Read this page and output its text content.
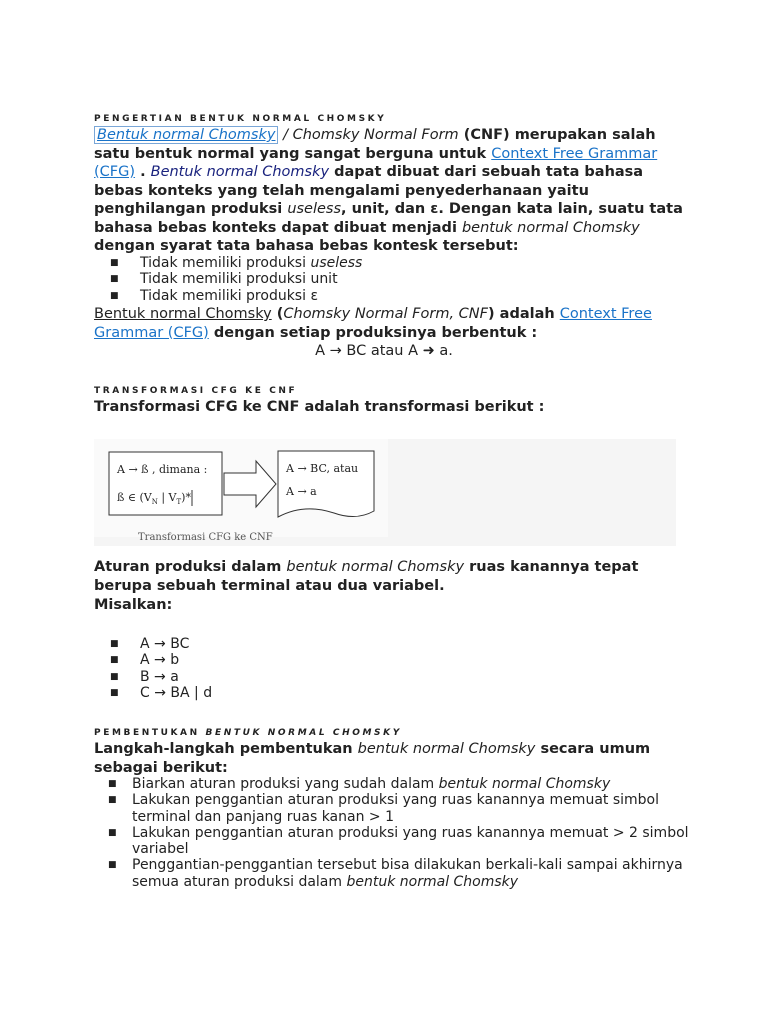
PENGERTIAN BENTUK NORMAL CHOMSKY
Bentuk normal Chomsky / Chomsky Normal Form (CNF) merupakan salah satu bentuk normal yang sangat berguna untuk Context Free Grammar (CFG) . Bentuk normal Chomsky dapat dibuat dari sebuah tata bahasa bebas konteks yang telah mengalami penyederhanaan yaitu penghilangan produksi useless, unit, dan ε. Dengan kata lain, suatu tata bahasa bebas konteks dapat dibuat menjadi bentuk normal Chomsky dengan syarat tata bahasa bebas kontesk tersebut:
■ Tidak memiliki produksi useless
■ Tidak memiliki produksi unit
■ Tidak memiliki produksi ε
Bentuk normal Chomsky (Chomsky Normal Form, CNF) adalah Context Free Grammar (CFG) dengan setiap produksinya berbentuk :
A → BC atau A ➜ a.
TRANSFORMASI CFG KE CNF
Transformasi CFG ke CNF adalah transformasi berikut :
A → ß , dimana :
ß ∈ ($V_N$ | $V_T)*$
A → BC, atau
A → a
Transformasi CFG ke CNF
Aturan produksi dalam bentuk normal Chomsky ruas kanannya tepat berupa sebuah terminal atau dua variabel.
Misalkan:
■ A → BC
■ A → b
■ B → a
■ C → BA | d
PEMBENTUKAN BENTUK NORMAL CHOMSKY
Langkah-langkah pembentukan bentuk normal Chomsky secara umum sebagai berikut:
■ Biarkan aturan produksi yang sudah dalam bentuk normal Chomsky
■ Lakukan penggantian aturan produksi yang ruas kanannya memuat simbol terminal dan panjang ruas kanan > 1
■ Lakukan penggantian aturan produksi yang ruas kanannya memuat > 2 simbol variabel
■ Penggantian-penggantian tersebut bisa dilakukan berkali-kali sampai akhirnya semua aturan produksi dalam bentuk normal Chomsky
